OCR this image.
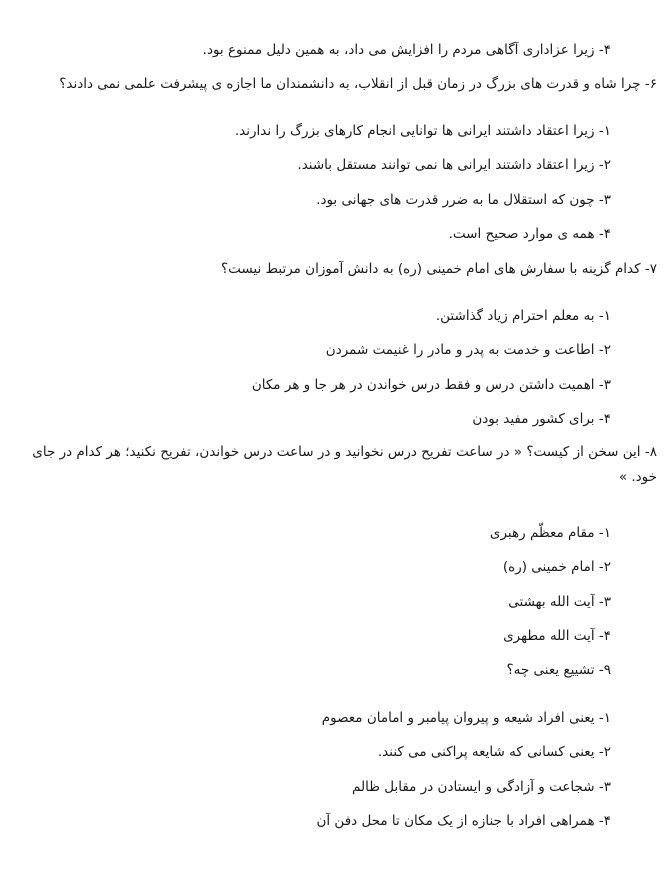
۴- زیرا عزاداری آگاهی مردم را افزایش می داد، به همین دلیل ممنوع بود.
۶- چرا شاه و قدرت های بزرگ در زمان قبل از انقلاب، به دانشمندان ما اجازه ی پیشرفت علمی نمی دادند؟
۱- زیرا اعتقاد داشتند ایرانی ها توانایی انجام کارهای بزرگ را ندارند.
۲- زیرا اعتقاد داشتند ایرانی ها نمی توانند مستقل باشند.
۳- چون که استقلال ما به ضرر قدرت های جهانی بود.
۴- همه ی موارد صحیح است.
۷- کدام گزینه با سفارش های امام خمینی (ره) به دانش آموزان مرتبط نیست؟
۱- به معلم احترام زیاد گذاشتن.
۲- اطاعت و خدمت به پدر و مادر را غنیمت شمردن
۳- اهمیت داشتن درس و فقط درس خواندن در هر جا و هر مکان
۴- برای کشور مفید بودن
۸- این سخن از کیست؟ « در ساعت تفریح درس نخوانید و در ساعت درس خواندن، تفریح نکنید؛ هر کدام در جای خود. »
۱- مقام معظّم رهبری
۲- امام خمینی (ره)
۳- آیت الله بهشتی
۴- آیت الله مطهری
۹- تشییع یعنی چه؟
۱- یعنی افراد شیعه و پیروان پیامبر و امامان معصوم
۲- یعنی کسانی که شایعه پراکنی می کنند.
۳- شجاعت و آزادگی و ایستادن در مقابل ظالم
۴- همراهی افراد با جنازه از یک مکان تا محل دفن آن
